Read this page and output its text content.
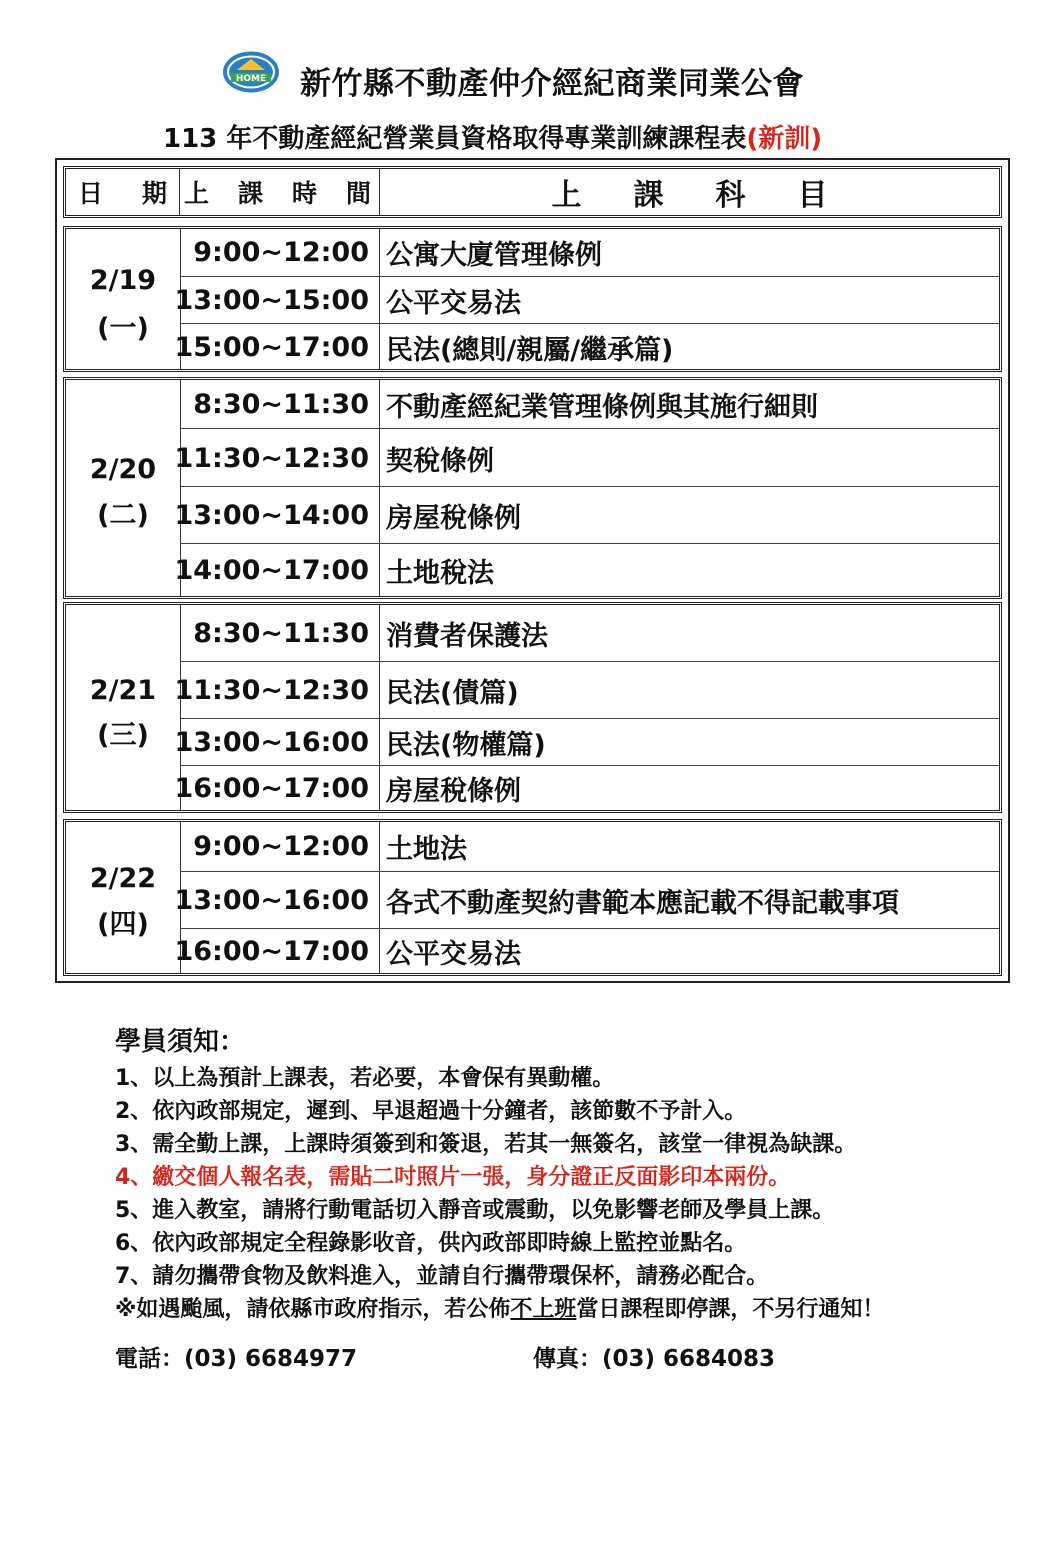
HOME 新竹縣不動產仲介經紀商業同業公會
113 年不動產經紀營業員資格取得專業訓練課程表(新訓)
日 期 上 課 時 間	上課科目
2/19
(一)
9:00~12:00 公寓大廈管理條例
13:00~15:00 公平交易法
15:00~17:00 民法(總則/親屬/繼承篇)
2/20
(二)
8:30~11:30 不動產經紀業管理條例與其施行細則
11:30~12:30 契稅條例
13:00~14:00 房屋稅條例
14:00~17:00 土地稅法
2/21
(三)
8:30~11:30 消費者保護法
11:30~12:30 民法(債篇)
13:00~16:00 民法(物權篇)
16:00~17:00 房屋稅條例
2/22
(四)
9:00~12:00 土地法
13:00~16:00 各式不動產契約書範本應記載不得記載事項
16:00~17:00 公平交易法
學員須知：
1、以上為預計上課表，若必要，本會保有異動權。
2、依內政部規定，遲到、早退超過十分鐘者，該節數不予計入。
3、需全勤上課，上課時須簽到和簽退，若其一無簽名，該堂一律視為缺課。
4、繳交個人報名表，需貼二吋照片一張，身分證正反面影印本兩份。
5、進入教室，請將行動電話切入靜音或震動，以免影響老師及學員上課。
6、依內政部規定全程錄影收音，供內政部即時線上監控並點名。
7、請勿攜帶食物及飲料進入，並請自行攜帶環保杯，請務必配合。
※如遇颱風，請依縣市政府指示，若公佈不上班當日課程即停課，不另行通知！
電話：(03) 6684977	傳真：(03) 6684083
